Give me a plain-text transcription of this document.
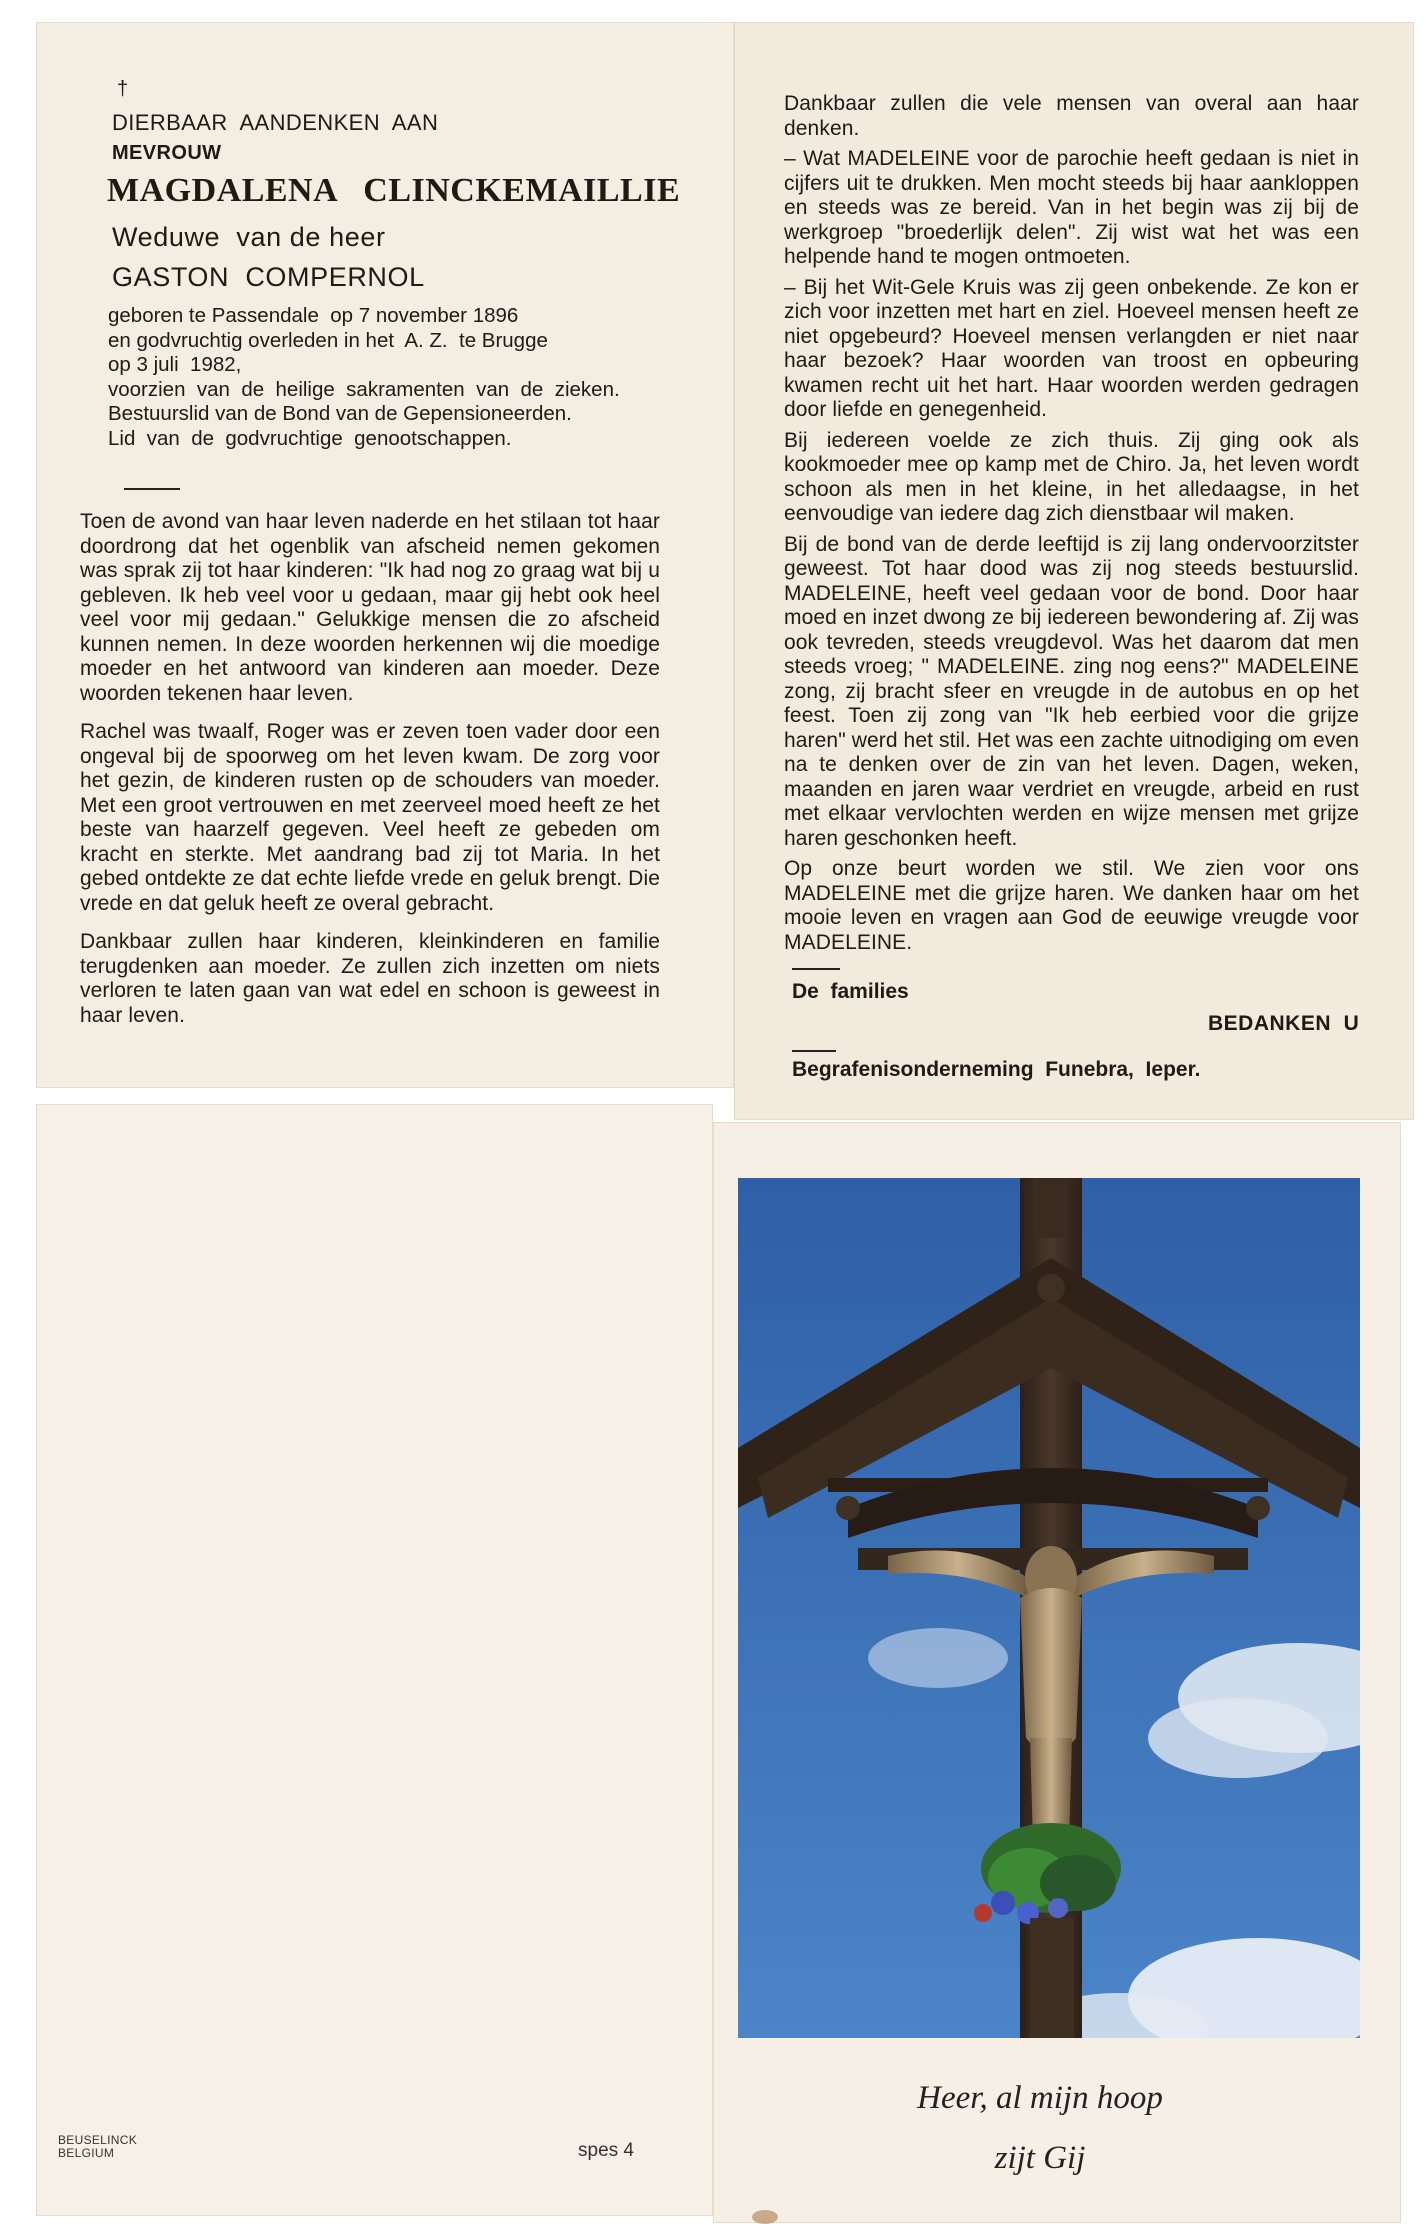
†
DIERBAAR  AANDENKEN  AAN
MEVROUW
MAGDALENA   CLINCKEMAILLIE
Weduwe  van de heer
GASTON  COMPERNOL
geboren te Passendale  op 7 november 1896
en godvruchtig overleden in het  A. Z.  te Brugge
op 3 juli  1982,
voorzien  van  de  heilige  sakramenten  van  de  zieken.
Bestuurslid van de Bond van de Gepensioneerden.
Lid  van  de  godvruchtige  genootschappen.

Toen de avond van haar leven naderde en het stilaan tot haar doordrong dat het ogenblik van afscheid nemen gekomen was sprak zij tot haar kinderen: "Ik had nog zo graag wat bij u gebleven. Ik heb veel voor u gedaan, maar gij hebt ook heel veel voor mij gedaan." Gelukkige mensen die zo afscheid kunnen nemen. In deze woorden herkennen wij die moedige moeder en het antwoord van kinderen aan moeder. Deze woorden tekenen haar leven.

Rachel was twaalf, Roger was er zeven toen vader door een ongeval bij de spoorweg om het leven kwam. De zorg voor het gezin, de kinderen rusten op de schouders van moeder. Met een groot vertrouwen en met zeerveel moed heeft ze het beste van haarzelf gegeven. Veel heeft ze gebeden om kracht en sterkte. Met aandrang bad zij tot Maria. In het gebed ontdekte ze dat echte liefde vrede en geluk brengt. Die vrede en dat geluk heeft ze overal gebracht.

Dankbaar zullen haar kinderen, kleinkinderen en familie terugdenken aan moeder. Ze zullen zich inzetten om niets verloren te laten gaan van wat edel en schoon is geweest in haar leven.

Dankbaar zullen die vele mensen van overal aan haar denken.

– Wat MADELEINE voor de parochie heeft gedaan is niet in cijfers uit te drukken. Men mocht steeds bij haar aankloppen en steeds was ze bereid. Van in het begin was zij bij de werkgroep "broederlijk delen". Zij wist wat het was een helpende hand te mogen ontmoeten.

– Bij het Wit-Gele Kruis was zij geen onbekende. Ze kon er zich voor inzetten met hart en ziel. Hoeveel mensen heeft ze niet opgebeurd? Hoeveel mensen verlangden er niet naar haar bezoek? Haar woorden van troost en opbeuring kwamen recht uit het hart. Haar woorden werden gedragen door liefde en genegenheid.

Bij iedereen voelde ze zich thuis. Zij ging ook als kookmoeder mee op kamp met de Chiro. Ja, het leven wordt schoon als men in het kleine, in het alledaagse, in het eenvoudige van iedere dag zich dienstbaar wil maken.

Bij de bond van de derde leeftijd is zij lang ondervoorzitster geweest. Tot haar dood was zij nog steeds bestuurslid. MADELEINE, heeft veel gedaan voor de bond. Door haar moed en inzet dwong ze bij iedereen bewondering af. Zij was ook tevreden, steeds vreugdevol. Was het daarom dat men steeds vroeg; " MADELEINE. zing nog eens?" MADELEINE zong, zij bracht sfeer en vreugde in de autobus en op het feest. Toen zij zong van "Ik heb eerbied voor die grijze haren" werd het stil. Het was een zachte uitnodiging om even na te denken over de zin van het leven. Dagen, weken, maanden en jaren waar verdriet en vreugde, arbeid en rust met elkaar vervlochten werden en wijze mensen met grijze haren geschonken heeft.

Op onze beurt worden we stil. We zien voor ons MADELEINE met die grijze haren. We danken haar om het mooie leven en vragen aan God de eeuwige vreugde voor MADELEINE.

De  families
BEDANKEN  U
Begrafenisonderneming  Funebra,  Ieper.
BEUSELINCK
BELGIUM	spes 4
Heer, al mijn hoop
zijt Gij
